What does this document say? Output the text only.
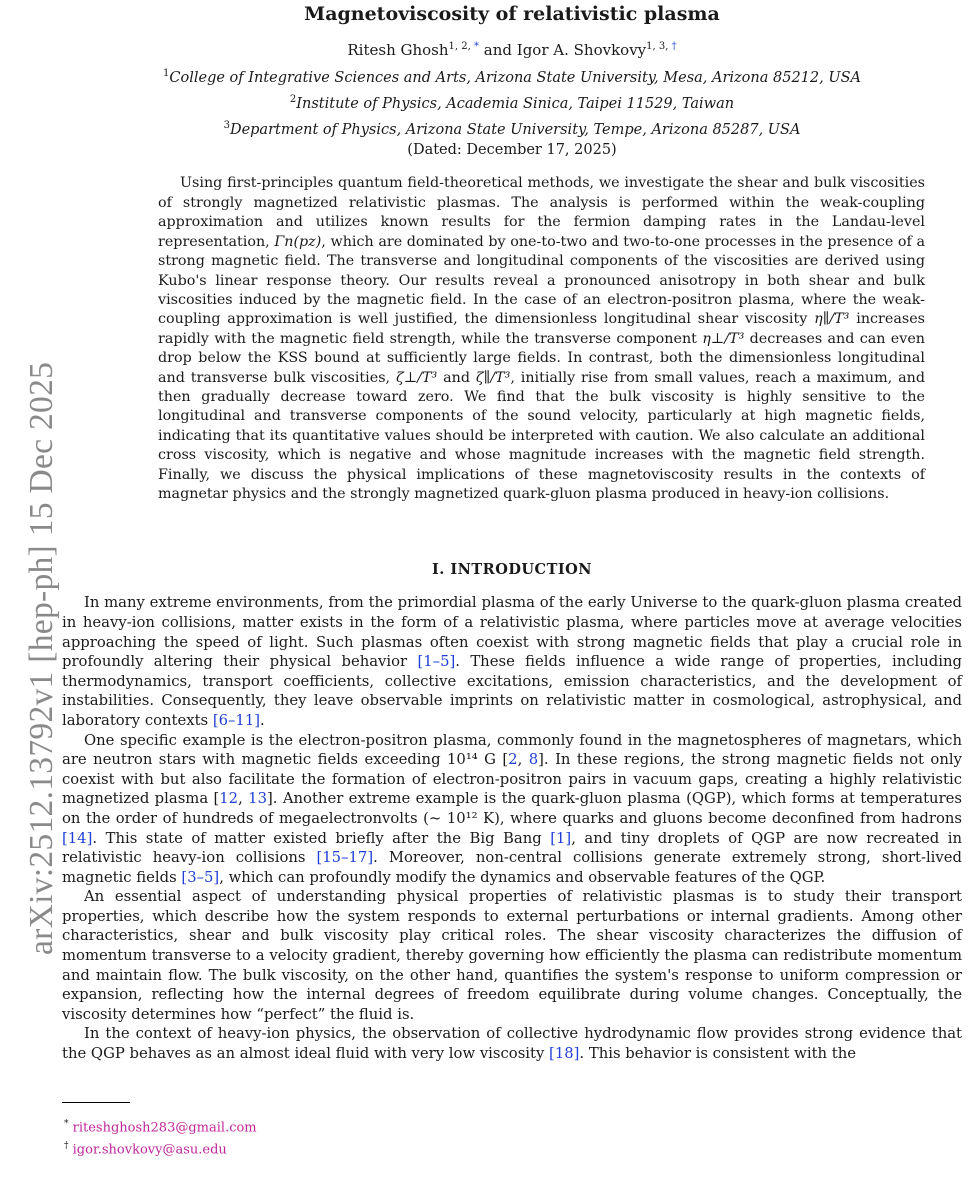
arXiv:2512.13792v1 [hep-ph] 15 Dec 2025
Magnetoviscosity of relativistic plasma
Ritesh Ghosh$^{1, 2, *}$ and Igor A. Shovkovy$^{1, 3, \dagger}$
$^1$College of Integrative Sciences and Arts, Arizona State University, Mesa, Arizona 85212, USA
$^2$Institute of Physics, Academia Sinica, Taipei 11529, Taiwan
$^3$Department of Physics, Arizona State University, Tempe, Arizona 85287, USA
(Dated: December 17, 2025)
Using first-principles quantum field-theoretical methods, we investigate the shear and bulk viscosities of strongly magnetized relativistic plasmas. The analysis is performed within the weak-coupling approximation and utilizes known results for the fermion damping rates in the Landau-level representation, Γn(pz), which are dominated by one-to-two and two-to-one processes in the presence of a strong magnetic field. The transverse and longitudinal components of the viscosities are derived using Kubo's linear response theory. Our results reveal a pronounced anisotropy in both shear and bulk viscosities induced by the magnetic field. In the case of an electron-positron plasma, where the weak-coupling approximation is well justified, the dimensionless longitudinal shear viscosity η∥/T³ increases rapidly with the magnetic field strength, while the transverse component η⊥/T³ decreases and can even drop below the KSS bound at sufficiently large fields. In contrast, both the dimensionless longitudinal and transverse bulk viscosities, ζ⊥/T³ and ζ∥/T³, initially rise from small values, reach a maximum, and then gradually decrease toward zero. We find that the bulk viscosity is highly sensitive to the longitudinal and transverse components of the sound velocity, particularly at high magnetic fields, indicating that its quantitative values should be interpreted with caution. We also calculate an additional cross viscosity, which is negative and whose magnitude increases with the magnetic field strength. Finally, we discuss the physical implications of these magnetoviscosity results in the contexts of magnetar physics and the strongly magnetized quark-gluon plasma produced in heavy-ion collisions.
I. INTRODUCTION

In many extreme environments, from the primordial plasma of the early Universe to the quark-gluon plasma created in heavy-ion collisions, matter exists in the form of a relativistic plasma, where particles move at average velocities approaching the speed of light. Such plasmas often coexist with strong magnetic fields that play a crucial role in profoundly altering their physical behavior [1–5]. These fields influence a wide range of properties, including thermodynamics, transport coefficients, collective excitations, emission characteristics, and the development of instabilities. Consequently, they leave observable imprints on relativistic matter in cosmological, astrophysical, and laboratory contexts [6–11].

One specific example is the electron-positron plasma, commonly found in the magnetospheres of magnetars, which are neutron stars with magnetic fields exceeding 10¹⁴ G [2, 8]. In these regions, the strong magnetic fields not only coexist with but also facilitate the formation of electron-positron pairs in vacuum gaps, creating a highly relativistic magnetized plasma [12, 13]. Another extreme example is the quark-gluon plasma (QGP), which forms at temperatures on the order of hundreds of megaelectronvolts (~ 10¹² K), where quarks and gluons become deconfined from hadrons [14]. This state of matter existed briefly after the Big Bang [1], and tiny droplets of QGP are now recreated in relativistic heavy-ion collisions [15–17]. Moreover, non-central collisions generate extremely strong, short-lived magnetic fields [3–5], which can profoundly modify the dynamics and observable features of the QGP.

An essential aspect of understanding physical properties of relativistic plasmas is to study their transport properties, which describe how the system responds to external perturbations or internal gradients. Among other characteristics, shear and bulk viscosity play critical roles. The shear viscosity characterizes the diffusion of momentum transverse to a velocity gradient, thereby governing how efficiently the plasma can redistribute momentum and maintain flow. The bulk viscosity, on the other hand, quantifies the system's response to uniform compression or expansion, reflecting how the internal degrees of freedom equilibrate during volume changes. Conceptually, the viscosity determines how “perfect” the fluid is.

In the context of heavy-ion physics, the observation of collective hydrodynamic flow provides strong evidence that the QGP behaves as an almost ideal fluid with very low viscosity [18]. This behavior is consistent with the

* riteshghosh283@gmail.com
† igor.shovkovy@asu.edu
